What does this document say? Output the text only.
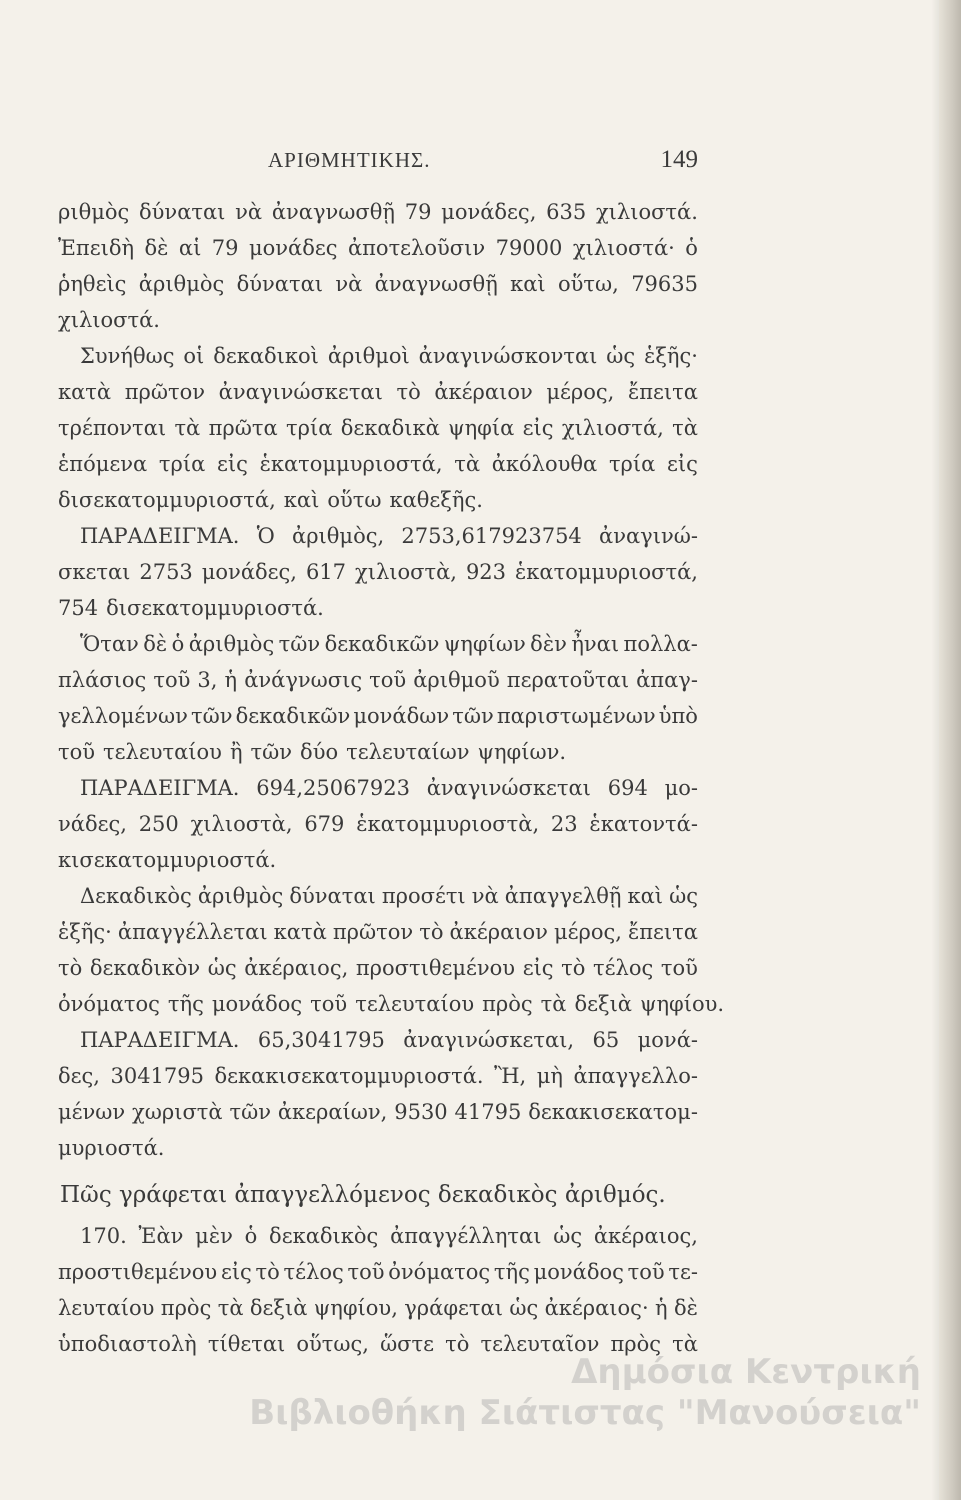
ΑΡΙΘΜΗΤΙΚΗΣ.	149
ριθμὸς δύναται νὰ ἀναγνωσθῇ 79 μονάδες, 635 χιλιοστά.
Ἐπειδὴ δὲ αἱ 79 μονάδες ἀποτελοῦσιν 79000 χιλιοστά· ὁ
ῥηθεὶς ἀριθμὸς δύναται νὰ ἀναγνωσθῇ καὶ οὕτω, 79635
χιλιοστά.
Συνήθως οἱ δεκαδικοὶ ἀριθμοὶ ἀναγινώσκονται ὡς ἑξῆς·
κατὰ πρῶτον ἀναγινώσκεται τὸ ἀκέραιον μέρος, ἔπειτα
τρέπονται τὰ πρῶτα τρία δεκαδικὰ ψηφία εἰς χιλιοστά, τὰ
ἑπόμενα τρία εἰς ἑκατομμυριοστά, τὰ ἀκόλουθα τρία εἰς
δισεκατομμυριοστά, καὶ οὕτω καθεξῆς.
ΠΑΡΑΔΕΙΓΜΑ. Ὁ ἀριθμὸς, 2753,617923754 ἀναγινώ-
σκεται 2753 μονάδες, 617 χιλιοστὰ, 923 ἑκατομμυριοστά,
754 δισεκατομμυριοστά.
Ὅταν δὲ ὁ ἀριθμὸς τῶν δεκαδικῶν ψηφίων δὲν ἦναι πολλα-
πλάσιος τοῦ 3, ἡ ἀνάγνωσις τοῦ ἀριθμοῦ περατοῦται ἀπαγ-
γελλομένων τῶν δεκαδικῶν μονάδων τῶν παριστωμένων ὑπὸ
τοῦ τελευταίου ἢ τῶν δύο τελευταίων ψηφίων.
ΠΑΡΑΔΕΙΓΜΑ. 694,25067923 ἀναγινώσκεται 694 μο-
νάδες, 250 χιλιοστὰ, 679 ἑκατομμυριοστὰ, 23 ἑκατοντά-
κισεκατομμυριοστά.
Δεκαδικὸς ἀριθμὸς δύναται προσέτι νὰ ἀπαγγελθῇ καὶ ὡς
ἑξῆς· ἀπαγγέλλεται κατὰ πρῶτον τὸ ἀκέραιον μέρος, ἔπειτα
τὸ δεκαδικὸν ὡς ἀκέραιος, προστιθεμένου εἰς τὸ τέλος τοῦ
ὀνόματος τῆς μονάδος τοῦ τελευταίου πρὸς τὰ δεξιὰ ψηφίου.
ΠΑΡΑΔΕΙΓΜΑ. 65,3041795 ἀναγινώσκεται, 65 μονά-
δες, 3041795 δεκακισεκατομμυριοστά. Ἢ, μὴ ἀπαγγελλο-
μένων χωριστὰ τῶν ἀκεραίων, 9530 41795 δεκακισεκατομ-
μυριοστά.
Πῶς γράφεται ἀπαγγελλόμενος δεκαδικὸς ἀριθμός.
170. Ἐὰν μὲν ὁ δεκαδικὸς ἀπαγγέλληται ὡς ἀκέραιος,
προστιθεμένου εἰς τὸ τέλος τοῦ ὀνόματος τῆς μονάδος τοῦ τε-
λευταίου πρὸς τὰ δεξιὰ ψηφίου, γράφεται ὡς ἀκέραιος· ἡ δὲ
ὑποδιαστολὴ τίθεται οὕτως, ὥστε τὸ τελευταῖον πρὸς τὰ
Δημόσια Κεντρική
Βιβλιοθήκη Σιάτιστας "Μανούσεια"
